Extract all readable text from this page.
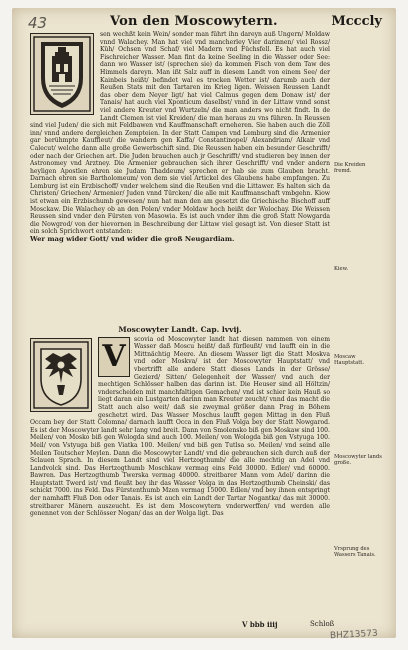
43	Von den Moscowytern.	Mcccly

sen wechßt kein Wein/ sonder man führt ihn dareyn auß Ungern/ Moldaw vnnd Walachey. Man hat viel vnd mancherley Vier darinnen/ viel Rossz/ Küh/ Ochsen vnd Schaf/ viel Madern vnd Füchsfell. Es hat auch viel Fischreicher Wasser. Man fint da keine Seeling in die Wasser oder See: dann wo Wasser ist/ (sprechen sie) da kommen Fisch von dem Taw des Himmels dareyn. Man ißt Salz auff in diesem Landt von einem See/ der Kainbeis heißt/ befindet wal es trocken Wetter ist/ darumb auch der Reußen Stats mit den Tartaren im Krieg ligen. Weissen Reussen Landt das ober dem Neyer ligt/ hat viel Calmus gegen dem Donaw ist/ der Tanais/ hat auch viel Xponticum daselbst/ vnnd in der Littaw vnnd sonst viel andere Kreuter vnd Wurtzeln/ die man anders wo nicht findt. In de Landt Clemen ist viel Kreiden/ die man heraus zu vns führen. In Reussen sind viel Juden/ die sich mit Feldbawen vnd Kauffmanschaft erneheren. Sie haben auch die Zöll inn/ vnnd andere dergleichen Zempteien. In der Statt Campen vnd Lemburg sind die Armenier gar berühmpte Kauffleut/ die wandern gen Kaffa/ Constantinopel/ Alexandriam/ Alkair vnd Calecut/ welche dann alle große Gewerbschift sind. Die Reussen haben ein besunder Geschrifft/ oder nach der Griechen art. Die Juden brauchen auch jr Geschrifft/ vnd studieren bey innen der Astronomey vnd Arztney. Die Armenier gebrauchen sich ihrer Geschrifft/ vnd vnder andern heyligen Apostlen ehren sie Judam Thaddeum/ sprechen er hab sie zum Glauben bracht. Darnach ehren sie Bartholomeum/ von dem sie viel Artickel des Glaubens habe empfangen. Zu Lemburg ist ein Erzbischoff/ vnder welchem sind die Reußen vnd die Littawer. Es halten sich da Christen/ Griechen/ Armenier/ Juden vnnd Türcken/ die alle mit Kauffmanschaft vmbgehn. Kiow ist etwan ein Erzbischumb gewesen/ nun hat man den am gesetzt die Griechische Bischoff auff Mosckaw. Die Walachey ob an den Polen/ vnder Moldaw hoch heißt der Wolochay. Die Weissen Reussen sind vnder den Fürsten von Masowia. Es ist auch vnder ihm die groß Statt Nowgarda die Nowgrod/ von der hievornen in Beschreibung der Littaw viel gesagt ist. Von dieser Statt ist ein solch Sprichwort entstanden:

Wer mag wider Gott/ vnd wider die groß Neugardiam.

Moscowyter Landt. Cap. lvvij.
V	scovia od Moscowyter landt hat diesen nammen von einem Wasser daß Moscu heißt/ daß fürfleußt/ vnd laufft ein in die Mittnächtig Meere. An diesem Wasser ligt die Statt Moskva vnd oder Moskva/ ist der Moscowyter Hauptstatt/ vnd vbertrifft alle andere Statt dieses Lands in der Grösse/ Gezierd/ Sitten/ Gelegenheit der Wasser/ vnd auch der mechtigen Schlösser halben das darinn ist. Die Heuser sind all Höltzin/ vnderscheiden mit manchfaltigen Gemachen/ vnd ist schier kein Hauß so liegt daran ein Lustgarten darinn man Kreuter zeucht/ vnnd das macht die Statt auch also weit/ daß sie zweymal größer dann Prag in Böhem geschetzt wird. Das Wasser Moschus laufft gegen Mittag in den Fluß Occam bey der Statt Colomna/ darnach laufft Occa in den Fluß Volga bey der Statt Nowgarod. Es ist der Moscowyter landt sehr lang vnd breit. Dann von Smolensko biß gen Moskaw sind 100. Meilen/ von Mosko biß gen Wologda sind auch 100. Meilen/ von Wologda biß gen Vstyuga 100. Meil/ von Vstyuga biß gen Viatka 100. Meilen/ vnd biß gen Tutlsa so. Meilen/ vnd seind alle Meilen Teutscher Meylen. Dann die Moscowyter Landt/ vnd die gebrauchen sich durch auß der Sclauen Sprach. In diesem Landt sind viel Hertzogthumb/ die alle mechtig an Adel vnd Landvolck sind. Das Hertzogthumb Moschkaw vermag eins Feld 30000. Edler/ vnd 60000. Bawren. Das Hertzogthumb Twerska vermag 40000. streitbarer Mann vom Adel/ darinn die Hauptstatt Twerd ist/ vnd fleußt bey ihr das Wasser Volga in das Hertzogthumb Cheinski/ das schickt 7000. ins Feld. Das Fürstenthumb Mzen vermag 15000. Edlen/ vnd bey ihnen entspringt der namhafft Fluß Don oder Tanais. Es ist auch ein Landt der Tartar Nogantka/ das mit 30000. streitbarer Mänern auszeucht. Es ist dem Moscowytern vnderwerffen/ vnd werden alle genennet von der Schlösser Nogan/ das an der Wolga ligt. Das

Die Kreiden fremd.
Kiew.
Moscaw Hauptstatt.
Moscowyter lands große.
Vrsprung des Wassers Tanais.
V bbb iiij	Schloß
BHZ13573
